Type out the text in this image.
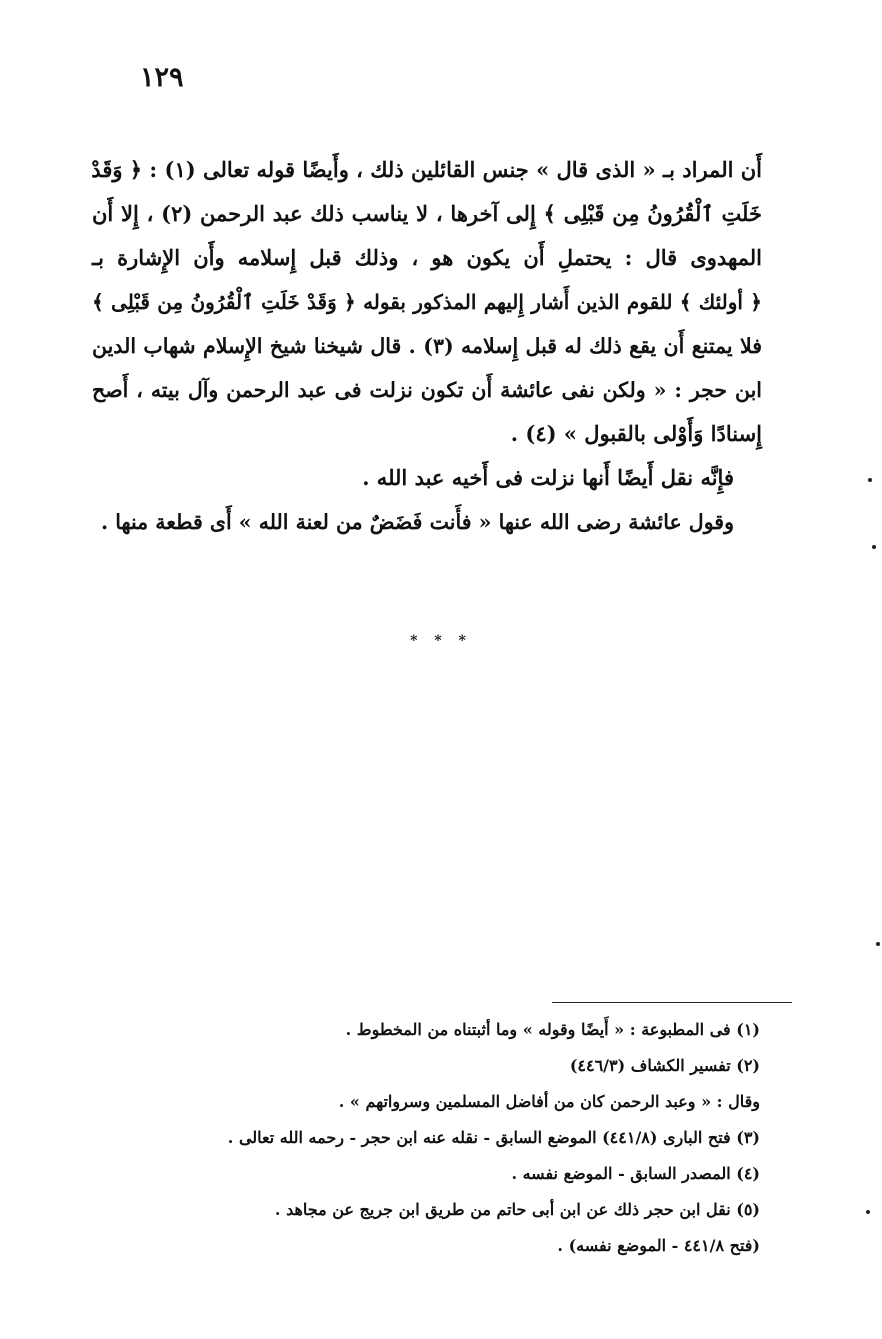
١٢٩
أَن المراد بـ « الذى قال » جنس القائلين ذلك ، وأَيضًا قوله تعالى (١) : ﴿ وَقَدْ
خَلَتِ ٱلْقُرُونُ مِن قَبْلِى ﴾ إِلى آخرها ، لا يناسب ذلك عبد الرحمن (٢) ، إِلا أَن
المهدوى قال : يحتملِ أَن يكون هو ، وذلك قبل إِسلامه وأَن الإِشارة بـ
﴿ أولئك ﴾ للقوم الذين أَشار إِليهم المذكور بقوله ﴿ وَقَدْ خَلَتِ ٱلْقُرُونُ مِن قَبْلِى ﴾
فلا يمتنع أَن يقع ذلك له قبل إِسلامه (٣) . قال شيخنا شيخ الإِسلام شهاب الدين
ابن حجر : « ولكن نفى عائشة أَن تكون نزلت فى عبد الرحمن وآل بيته ، أَصح
إِسنادًا وَأَوْلى بالقبول » (٤) .
فإِنَّه نقل أَيضًا أَنها نزلت فى أَخيه عبد الله .
وقول عائشة رضى الله عنها « فأَنت فَضَضٌ من لعنة الله » أَى قطعة منها .
* * *
(١) فى المطبوعة : « أَيضًا وقوله » وما أثبتناه من المخطوط .
(٢) تفسير الكشاف (٤٤٦/٣)
وقال : « وعبد الرحمن كان من أفاضل المسلمين وسرواتهم » .
(٣) فتح البارى (٤٤١/٨) الموضع السابق - نقله عنه ابن حجر - رحمه الله تعالى .
(٤) المصدر السابق - الموضع نفسه .
(٥) نقل ابن حجر ذلك عن ابن أبى حاتم من طريق ابن جريج عن مجاهد .
(فتح ٤٤١/٨ - الموضع نفسه) .
